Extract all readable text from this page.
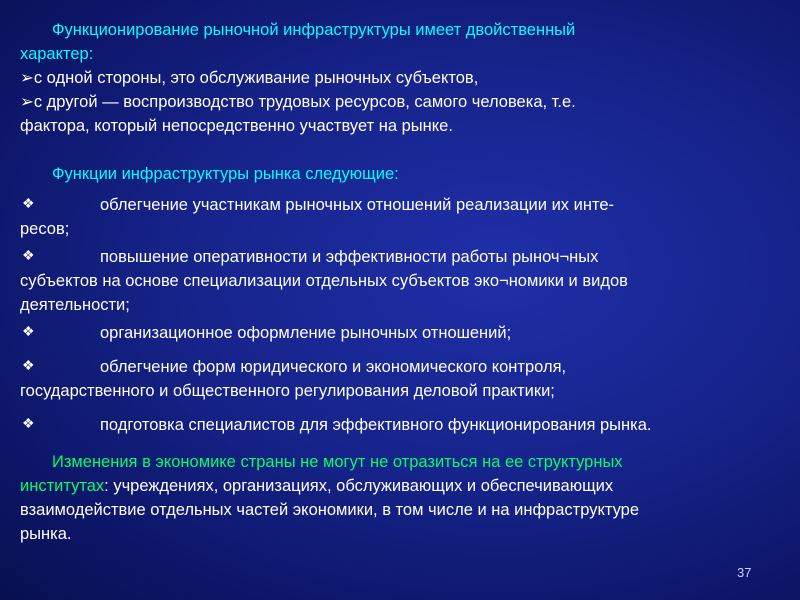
Функционирование рыночной инфраструктуры имеет двойственный
характер:
➢с одной стороны, это обслуживание рыночных субъектов,
➢с другой — воспроизводство трудовых ресурсов, самого человека, т.е.
фактора, который непосредственно участвует на рынке.
Функции инфраструктуры рынка следующие:
❖	облегчение участникам рыночных отношений реализации их инте-
ресов;
❖	повышение оперативности и эффективности работы рыноч¬ных
субъектов на основе специализации отдельных субъектов эко¬номики и видов
деятельности;
❖	организационное оформление рыночных отношений;
❖	облегчение форм юридического и экономического контроля,
государственного и общественного регулирования деловой практики;
❖	подготовка специалистов для эффективного функционирования рынка.
Изменения в экономике страны не могут не отразиться на ее структурных
институтах: учреждениях, организациях, обслуживающих и обеспечивающих
взаимодействие отдельных частей экономики, в том числе и на инфраструктуре
рынка.
37
